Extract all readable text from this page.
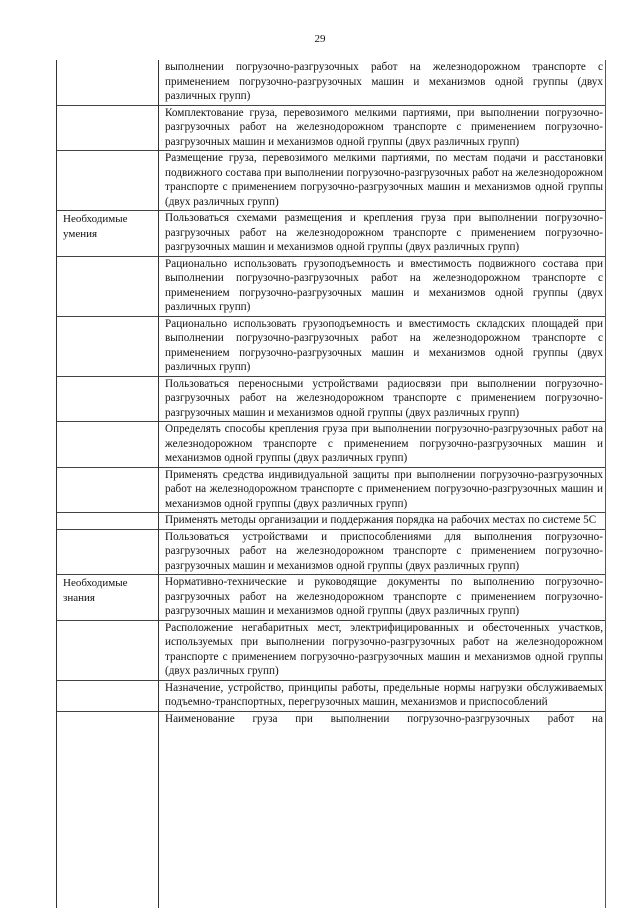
29
выполнении погрузочно-разгрузочных работ на железнодорожном транспорте с применением погрузочно-разгрузочных машин и механизмов одной группы (двух различных групп)
Комплектование груза, перевозимого мелкими партиями, при выполнении погрузочно-разгрузочных работ на железнодорожном транспорте с применением погрузочно-разгрузочных машин и механизмов одной группы (двух различных групп)
Размещение груза, перевозимого мелкими партиями, по местам подачи и расстановки подвижного состава при выполнении погрузочно-разгрузочных работ на железнодорожном транспорте с применением погрузочно-разгрузочных машин и механизмов одной группы (двух различных групп)
Необходимые умения
Пользоваться схемами размещения и крепления груза при выполнении погрузочно-разгрузочных работ на железнодорожном транспорте с применением погрузочно-разгрузочных машин и механизмов одной группы (двух различных групп)
Рационально использовать грузоподъемность и вместимость подвижного состава при выполнении погрузочно-разгрузочных работ на железнодорожном транспорте с применением погрузочно-разгрузочных машин и механизмов одной группы (двух различных групп)
Рационально использовать грузоподъемность и вместимость складских площадей при выполнении погрузочно-разгрузочных работ на железнодорожном транспорте с применением погрузочно-разгрузочных машин и механизмов одной группы (двух различных групп)
Пользоваться переносными устройствами радиосвязи при выполнении погрузочно-разгрузочных работ на железнодорожном транспорте с применением погрузочно-разгрузочных машин и механизмов одной группы (двух различных групп)
Определять способы крепления груза при выполнении погрузочно-разгрузочных работ на железнодорожном транспорте с применением погрузочно-разгрузочных машин и механизмов одной группы (двух различных групп)
Применять средства индивидуальной защиты при выполнении погрузочно-разгрузочных работ на железнодорожном транспорте с применением погрузочно-разгрузочных машин и механизмов одной группы (двух различных групп)
Применять методы организации и поддержания порядка на рабочих местах по системе 5С
Пользоваться устройствами и приспособлениями для выполнения погрузочно-разгрузочных работ на железнодорожном транспорте с применением погрузочно-разгрузочных машин и механизмов одной группы (двух различных групп)
Необходимые знания
Нормативно-технические и руководящие документы по выполнению погрузочно-разгрузочных работ на железнодорожном транспорте с применением погрузочно-разгрузочных машин и механизмов одной группы (двух различных групп)
Расположение негабаритных мест, электрифицированных и обесточенных участков, используемых при выполнении погрузочно-разгрузочных работ на железнодорожном транспорте с применением погрузочно-разгрузочных машин и механизмов одной группы (двух различных групп)
Назначение, устройство, принципы работы, предельные нормы нагрузки обслуживаемых подъемно-транспортных, перегрузочных машин, механизмов и приспособлений
Наименование груза при выполнении погрузочно-разгрузочных работ на
